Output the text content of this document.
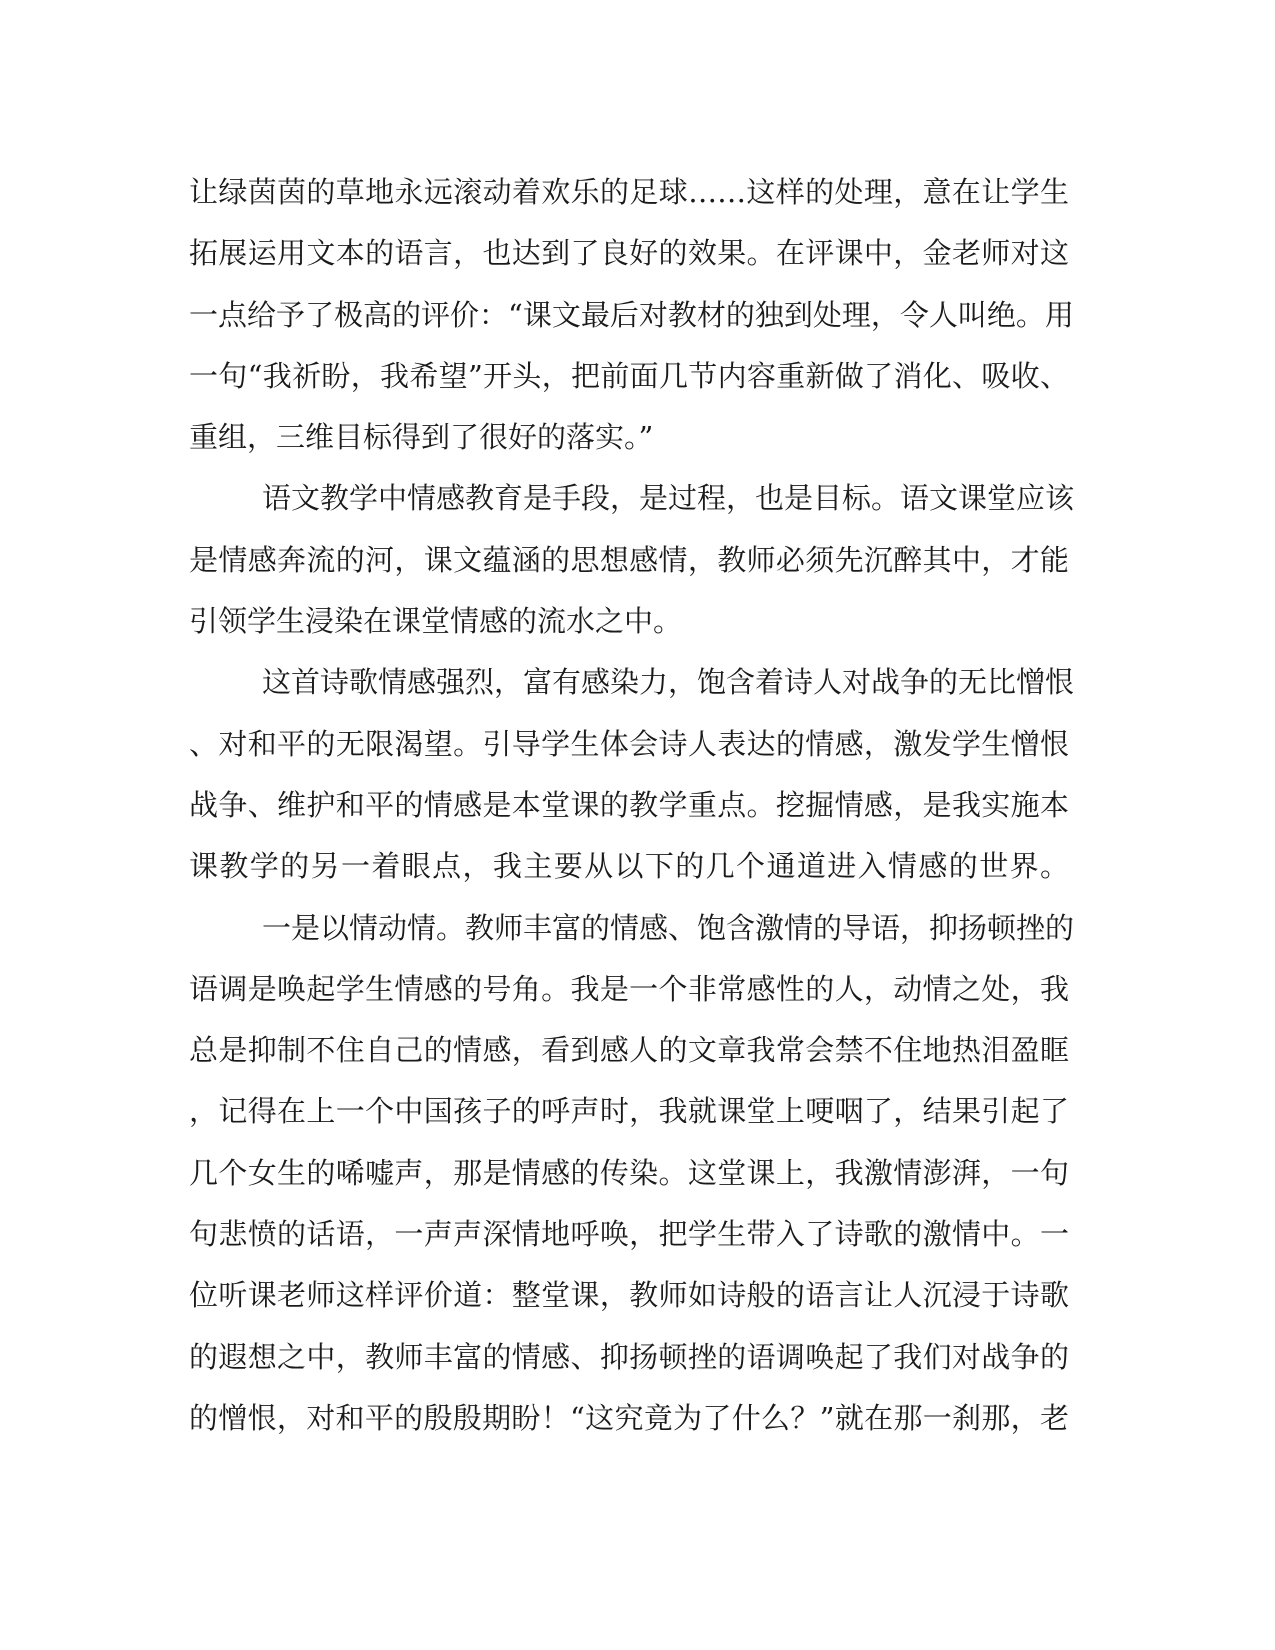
让绿茵茵的草地永远滚动着欢乐的足球……这样的处理，意在让学生
拓展运用文本的语言，也达到了良好的效果。在评课中，金老师对这
一点给予了极高的评价：“课文最后对教材的独到处理，令人叫绝。用
一句“我祈盼，我希望”开头，把前面几节内容重新做了消化、吸收、
重组，三维目标得到了很好的落实。”
语文教学中情感教育是手段，是过程，也是目标。语文课堂应该
是情感奔流的河，课文蕴涵的思想感情，教师必须先沉醉其中，才能
引领学生浸染在课堂情感的流水之中。
这首诗歌情感强烈，富有感染力，饱含着诗人对战争的无比憎恨
、对和平的无限渴望。引导学生体会诗人表达的情感，激发学生憎恨
战争、维护和平的情感是本堂课的教学重点。挖掘情感，是我实施本
课教学的另一着眼点，我主要从以下的几个通道进入情感的世界。
一是以情动情。教师丰富的情感、饱含激情的导语，抑扬顿挫的
语调是唤起学生情感的号角。我是一个非常感性的人，动情之处，我
总是抑制不住自己的情感，看到感人的文章我常会禁不住地热泪盈眶
，记得在上一个中国孩子的呼声时，我就课堂上哽咽了，结果引起了
几个女生的唏嘘声，那是情感的传染。这堂课上，我激情澎湃，一句
句悲愤的话语，一声声深情地呼唤，把学生带入了诗歌的激情中。一
位听课老师这样评价道：整堂课，教师如诗般的语言让人沉浸于诗歌
的遐想之中，教师丰富的情感、抑扬顿挫的语调唤起了我们对战争的
的憎恨，对和平的殷殷期盼！“这究竟为了什么？”就在那一刹那，老
